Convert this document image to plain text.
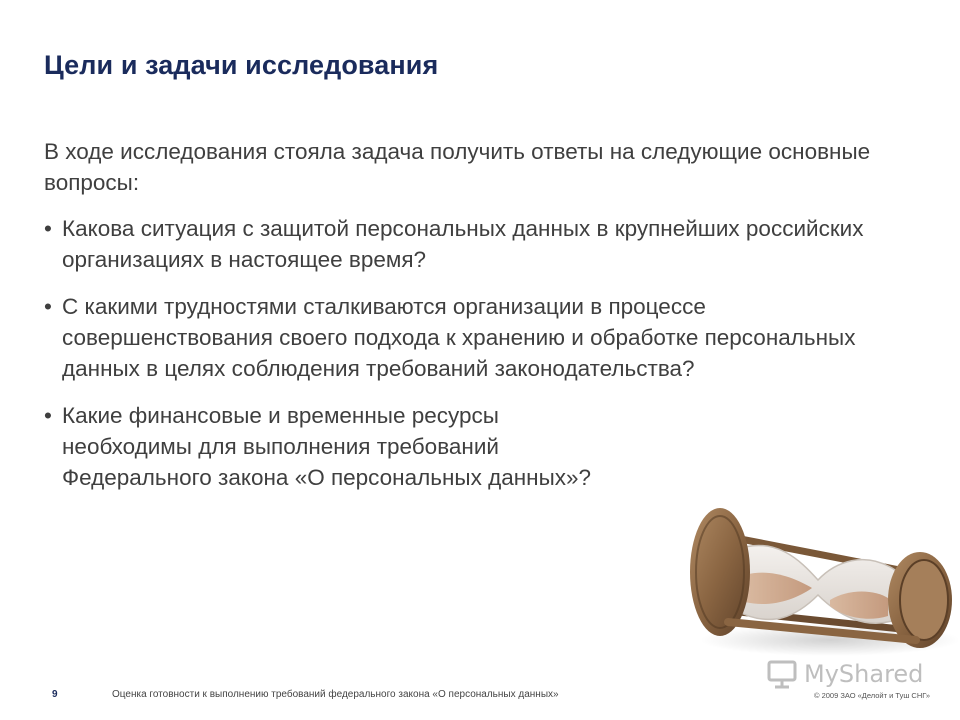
Цели и задачи исследования

В ходе исследования стояла задача получить ответы на следующие основные вопросы:

• Какова ситуация с защитой персональных данных в крупнейших российских организациях в настоящее время?
• С какими трудностями сталкиваются организации в процессе совершенствования своего подхода к хранению и обработке персональных данных в целях соблюдения требований законодательства?
• Какие финансовые и временные ресурсы необходимы для выполнения требований Федерального закона «О персональных данных»?
9	Оценка готовности к выполнению требований федерального закона «О персональных данных»	© 2009 ЗАО «Делойт и Туш СНГ»
MyShared
